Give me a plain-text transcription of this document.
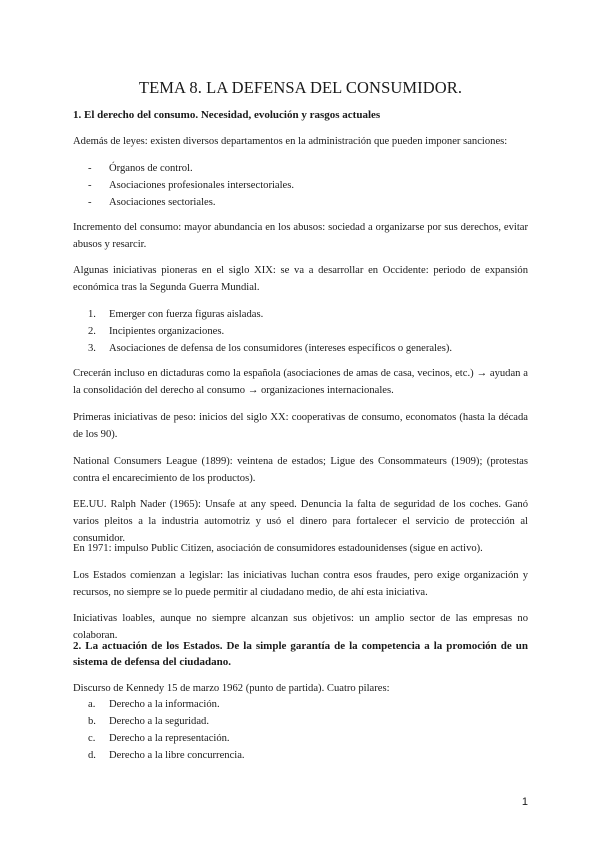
TEMA 8. LA DEFENSA DEL CONSUMIDOR.

1. El derecho del consumo. Necesidad, evolución y rasgos actuales

Además de leyes: existen diversos departamentos en la administración que pueden imponer sanciones:

- Órganos de control.
- Asociaciones profesionales intersectoriales.
- Asociaciones sectoriales.

Incremento del consumo: mayor abundancia en los abusos: sociedad a organizarse por sus derechos, evitar abusos y resarcir.

Algunas iniciativas pioneras en el siglo XIX: se va a desarrollar en Occidente: periodo de expansión económica tras la Segunda Guerra Mundial.

1. Emerger con fuerza figuras aisladas.
2. Incipientes organizaciones.
3. Asociaciones de defensa de los consumidores (intereses específicos o generales).

Crecerán incluso en dictaduras como la española (asociaciones de amas de casa, vecinos, etc.) → ayudan a la consolidación del derecho al consumo → organizaciones internacionales.

Primeras iniciativas de peso: inicios del siglo XX: cooperativas de consumo, economatos (hasta la década de los 90).

National Consumers League (1899): veintena de estados; Ligue des Consommateurs (1909); (protestas contra el encarecimiento de los productos).

EE.UU. Ralph Nader (1965): Unsafe at any speed. Denuncia la falta de seguridad de los coches. Ganó varios pleitos a la industria automotriz y usó el dinero para fortalecer el servicio de protección al consumidor.

En 1971: impulso Public Citizen, asociación de consumidores estadounidenses (sigue en activo).

Los Estados comienzan a legislar: las iniciativas luchan contra esos fraudes, pero exige organización y recursos, no siempre se lo puede permitir al ciudadano medio, de ahí esta iniciativa.

Iniciativas loables, aunque no siempre alcanzan sus objetivos: un amplio sector de las empresas no colaboran.

2. La actuación de los Estados. De la simple garantía de la competencia a la promoción de un sistema de defensa del ciudadano.

Discurso de Kennedy 15 de marzo 1962 (punto de partida). Cuatro pilares:

a. Derecho a la información.
b. Derecho a la seguridad.
c. Derecho a la representación.
d. Derecho a la libre concurrencia.
1
